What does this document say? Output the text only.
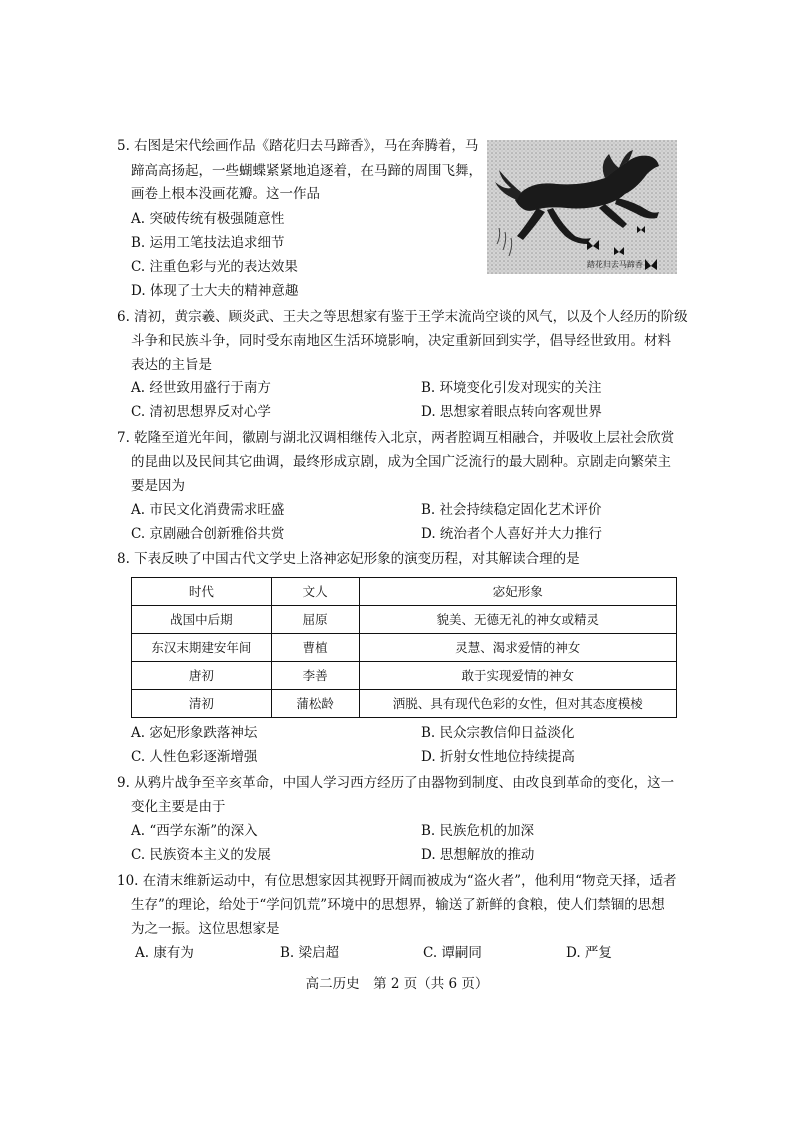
5. 右图是宋代绘画作品《踏花归去马蹄香》，马在奔腾着，马
蹄高高扬起，一些蝴蝶紧紧地追逐着，在马蹄的周围飞舞，
画卷上根本没画花瓣。这一作品
A. 突破传统有极强随意性
B. 运用工笔技法追求细节
C. 注重色彩与光的表达效果
D. 体现了士大夫的精神意趣
踏花归去马蹄香
6. 清初，黄宗羲、顾炎武、王夫之等思想家有鉴于王学末流尚空谈的风气，以及个人经历的阶级
斗争和民族斗争，同时受东南地区生活环境影响，决定重新回到实学，倡导经世致用。材料
表达的主旨是
A. 经世致用盛行于南方	B. 环境变化引发对现实的关注
C. 清初思想界反对心学	D. 思想家着眼点转向客观世界
7. 乾隆至道光年间，徽剧与湖北汉调相继传入北京，两者腔调互相融合，并吸收上层社会欣赏
的昆曲以及民间其它曲调，最终形成京剧，成为全国广泛流行的最大剧种。京剧走向繁荣主
要是因为
A. 市民文化消费需求旺盛	B. 社会持续稳定固化艺术评价
C. 京剧融合创新雅俗共赏	D. 统治者个人喜好并大力推行
8. 下表反映了中国古代文学史上洛神宓妃形象的演变历程，对其解读合理的是
时代	文人	宓妃形象
战国中后期	屈原	貌美、无德无礼的神女或精灵
东汉末期建安年间	曹植	灵慧、渴求爱情的神女
唐初	李善	敢于实现爱情的神女
清初	蒲松龄	洒脱、具有现代色彩的女性，但对其态度模棱
A. 宓妃形象跌落神坛	B. 民众宗教信仰日益淡化
C. 人性色彩逐渐增强	D. 折射女性地位持续提高
9. 从鸦片战争至辛亥革命，中国人学习西方经历了由器物到制度、由改良到革命的变化，这一
变化主要是由于
A. “西学东渐”的深入	B. 民族危机的加深
C. 民族资本主义的发展	D. 思想解放的推动
10. 在清末维新运动中，有位思想家因其视野开阔而被成为“盗火者”，他利用“物竞天择，适者
生存”的理论，给处于“学问饥荒”环境中的思想界，输送了新鲜的食粮，使人们禁锢的思想
为之一振。这位思想家是
A. 康有为	B. 梁启超	C. 谭嗣同	D. 严复
高二历史　第 2 页（共 6 页）
